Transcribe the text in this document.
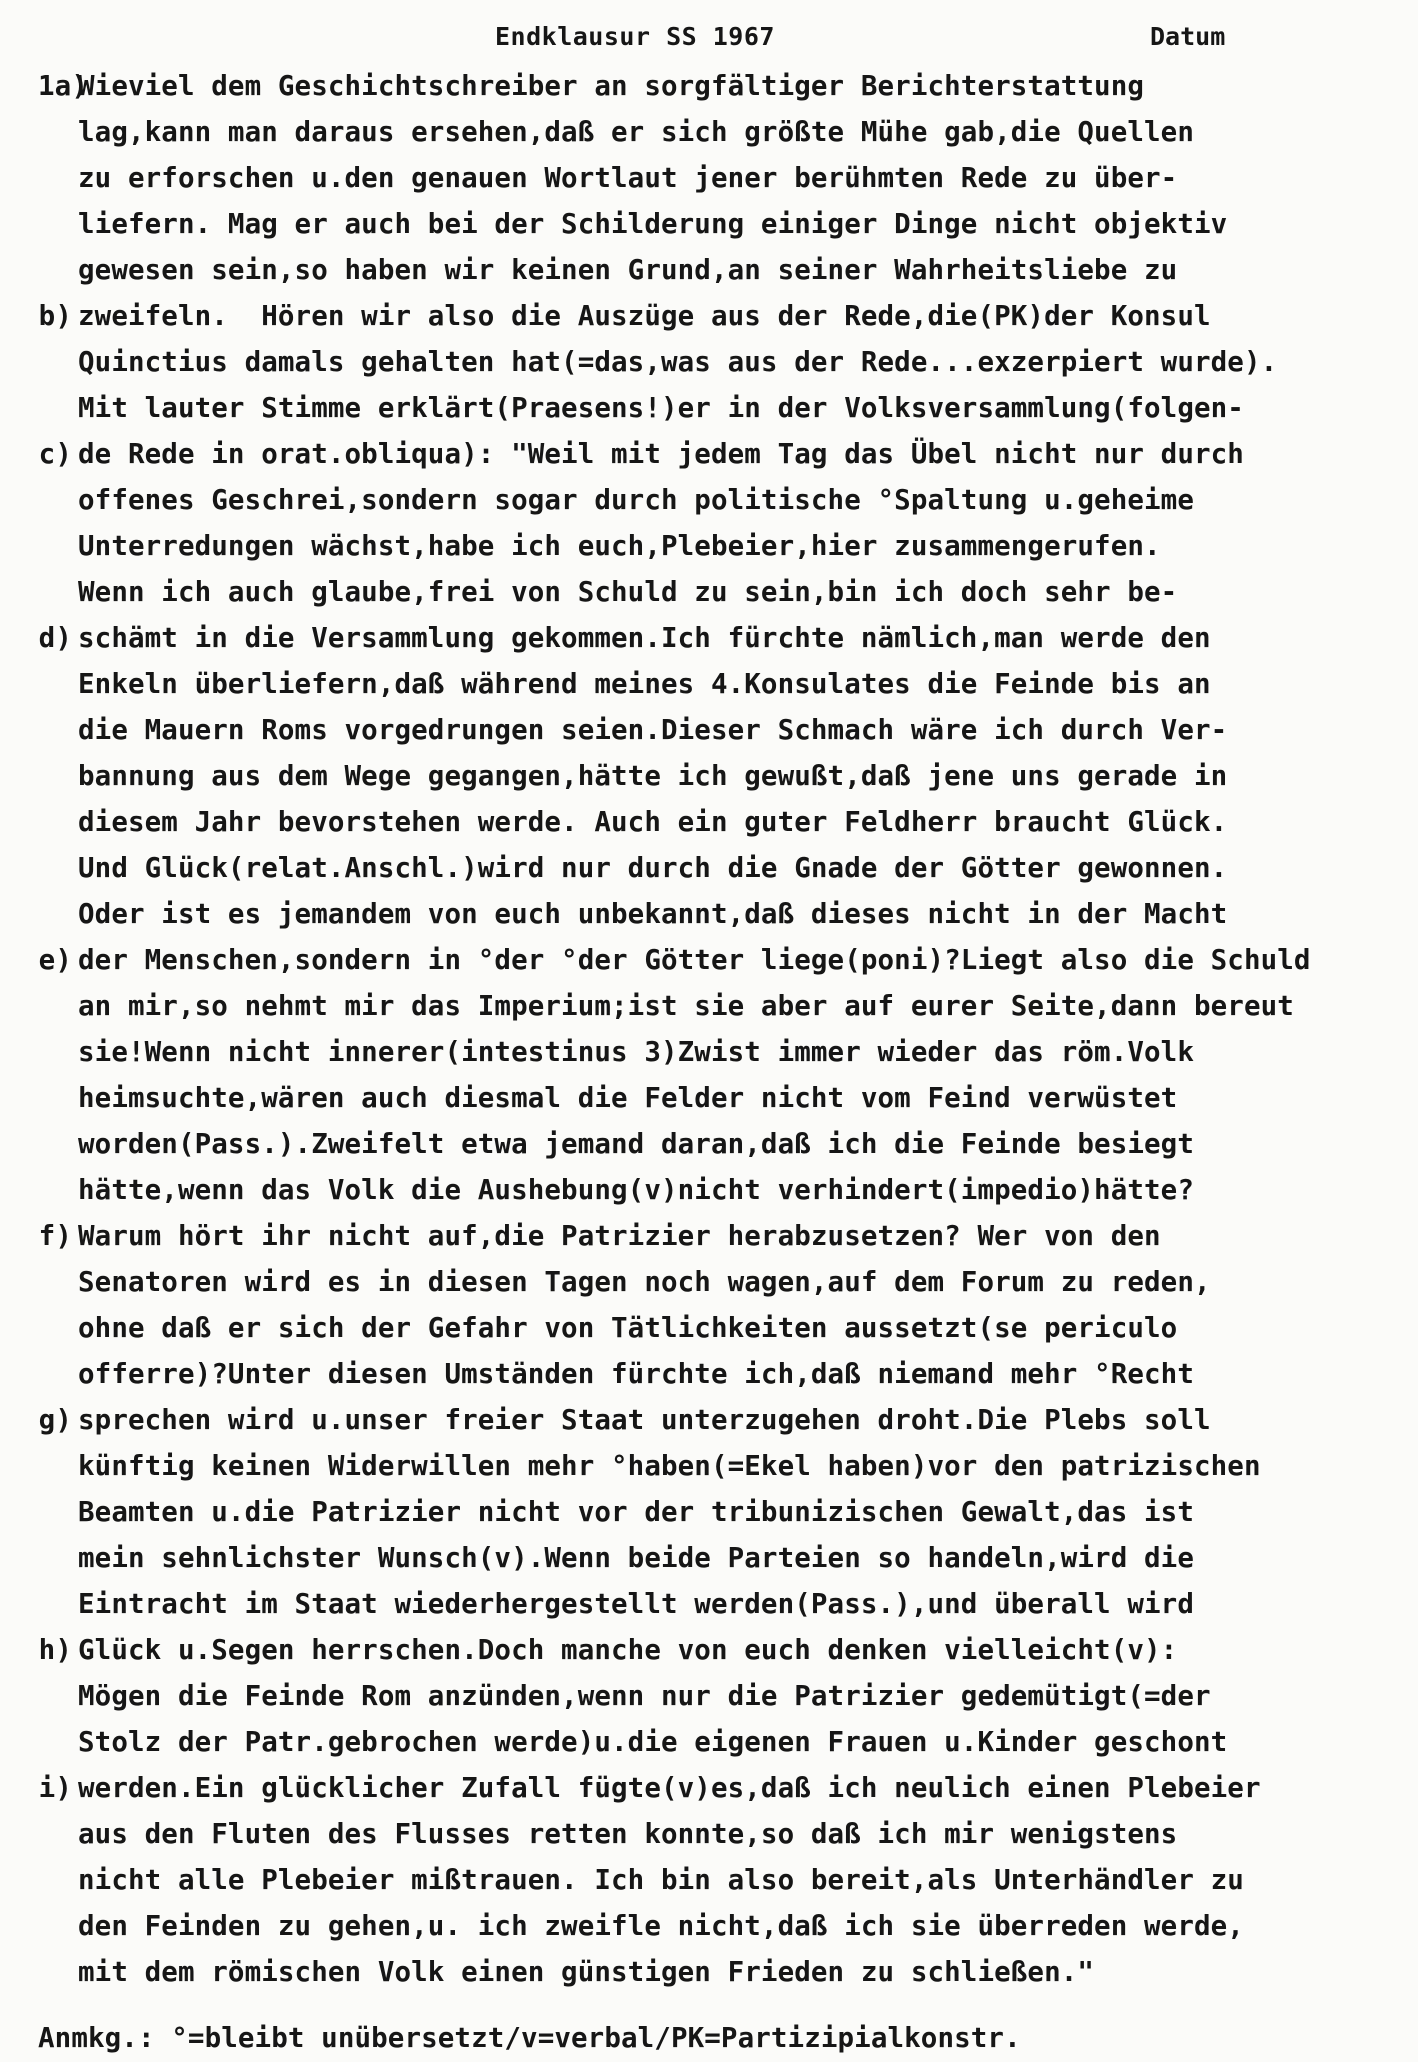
Endklausur SS 1967	Datum
1a)
Wieviel dem Geschichtschreiber an sorgfältiger Berichterstattung
lag,kann man daraus ersehen,daß er sich größte Mühe gab,die Quellen
zu erforschen u.den genauen Wortlaut jener berühmten Rede zu über-
liefern. Mag er auch bei der Schilderung einiger Dinge nicht objektiv
gewesen sein,so haben wir keinen Grund,an seiner Wahrheitsliebe zu
b) zweifeln.  Hören wir also die Auszüge aus der Rede,die(PK)der Konsul
Quinctius damals gehalten hat(=das,was aus der Rede...exzerpiert wurde).
Mit lauter Stimme erklärt(Praesens!)er in der Volksversammlung(folgen-
c) de Rede in orat.obliqua): "Weil mit jedem Tag das Übel nicht nur durch
offenes Geschrei,sondern sogar durch politische °Spaltung u.geheime
Unterredungen wächst,habe ich euch,Plebeier,hier zusammengerufen.
Wenn ich auch glaube,frei von Schuld zu sein,bin ich doch sehr be-
d) schämt in die Versammlung gekommen.Ich fürchte nämlich,man werde den
Enkeln überliefern,daß während meines 4.Konsulates die Feinde bis an
die Mauern Roms vorgedrungen seien.Dieser Schmach wäre ich durch Ver-
bannung aus dem Wege gegangen,hätte ich gewußt,daß jene uns gerade in
diesem Jahr bevorstehen werde. Auch ein guter Feldherr braucht Glück.
Und Glück(relat.Anschl.)wird nur durch die Gnade der Götter gewonnen.
Oder ist es jemandem von euch unbekannt,daß dieses nicht in der Macht
e) der Menschen,sondern in °der °der Götter liege(poni)?Liegt also die Schuld
an mir,so nehmt mir das Imperium;ist sie aber auf eurer Seite,dann bereut
sie!Wenn nicht innerer(intestinus 3)Zwist immer wieder das röm.Volk
heimsuchte,wären auch diesmal die Felder nicht vom Feind verwüstet
worden(Pass.).Zweifelt etwa jemand daran,daß ich die Feinde besiegt
hätte,wenn das Volk die Aushebung(v)nicht verhindert(impedio)hätte?
f) Warum hört ihr nicht auf,die Patrizier herabzusetzen? Wer von den
Senatoren wird es in diesen Tagen noch wagen,auf dem Forum zu reden,
ohne daß er sich der Gefahr von Tätlichkeiten aussetzt(se periculo
offerre)?Unter diesen Umständen fürchte ich,daß niemand mehr °Recht
g) sprechen wird u.unser freier Staat unterzugehen droht.Die Plebs soll
künftig keinen Widerwillen mehr °haben(=Ekel haben)vor den patrizischen
Beamten u.die Patrizier nicht vor der tribunizischen Gewalt,das ist
mein sehnlichster Wunsch(v).Wenn beide Parteien so handeln,wird die
Eintracht im Staat wiederhergestellt werden(Pass.),und überall wird
h) Glück u.Segen herrschen.Doch manche von euch denken vielleicht(v):
Mögen die Feinde Rom anzünden,wenn nur die Patrizier gedemütigt(=der
Stolz der Patr.gebrochen werde)u.die eigenen Frauen u.Kinder geschont
i) werden.Ein glücklicher Zufall fügte(v)es,daß ich neulich einen Plebeier
aus den Fluten des Flusses retten konnte,so daß ich mir wenigstens
nicht alle Plebeier mißtrauen. Ich bin also bereit,als Unterhändler zu
den Feinden zu gehen,u. ich zweifle nicht,daß ich sie überreden werde,
mit dem römischen Volk einen günstigen Frieden zu schließen."
Anmkg.: °=bleibt unübersetzt/v=verbal/PK=Partizipialkonstr.
